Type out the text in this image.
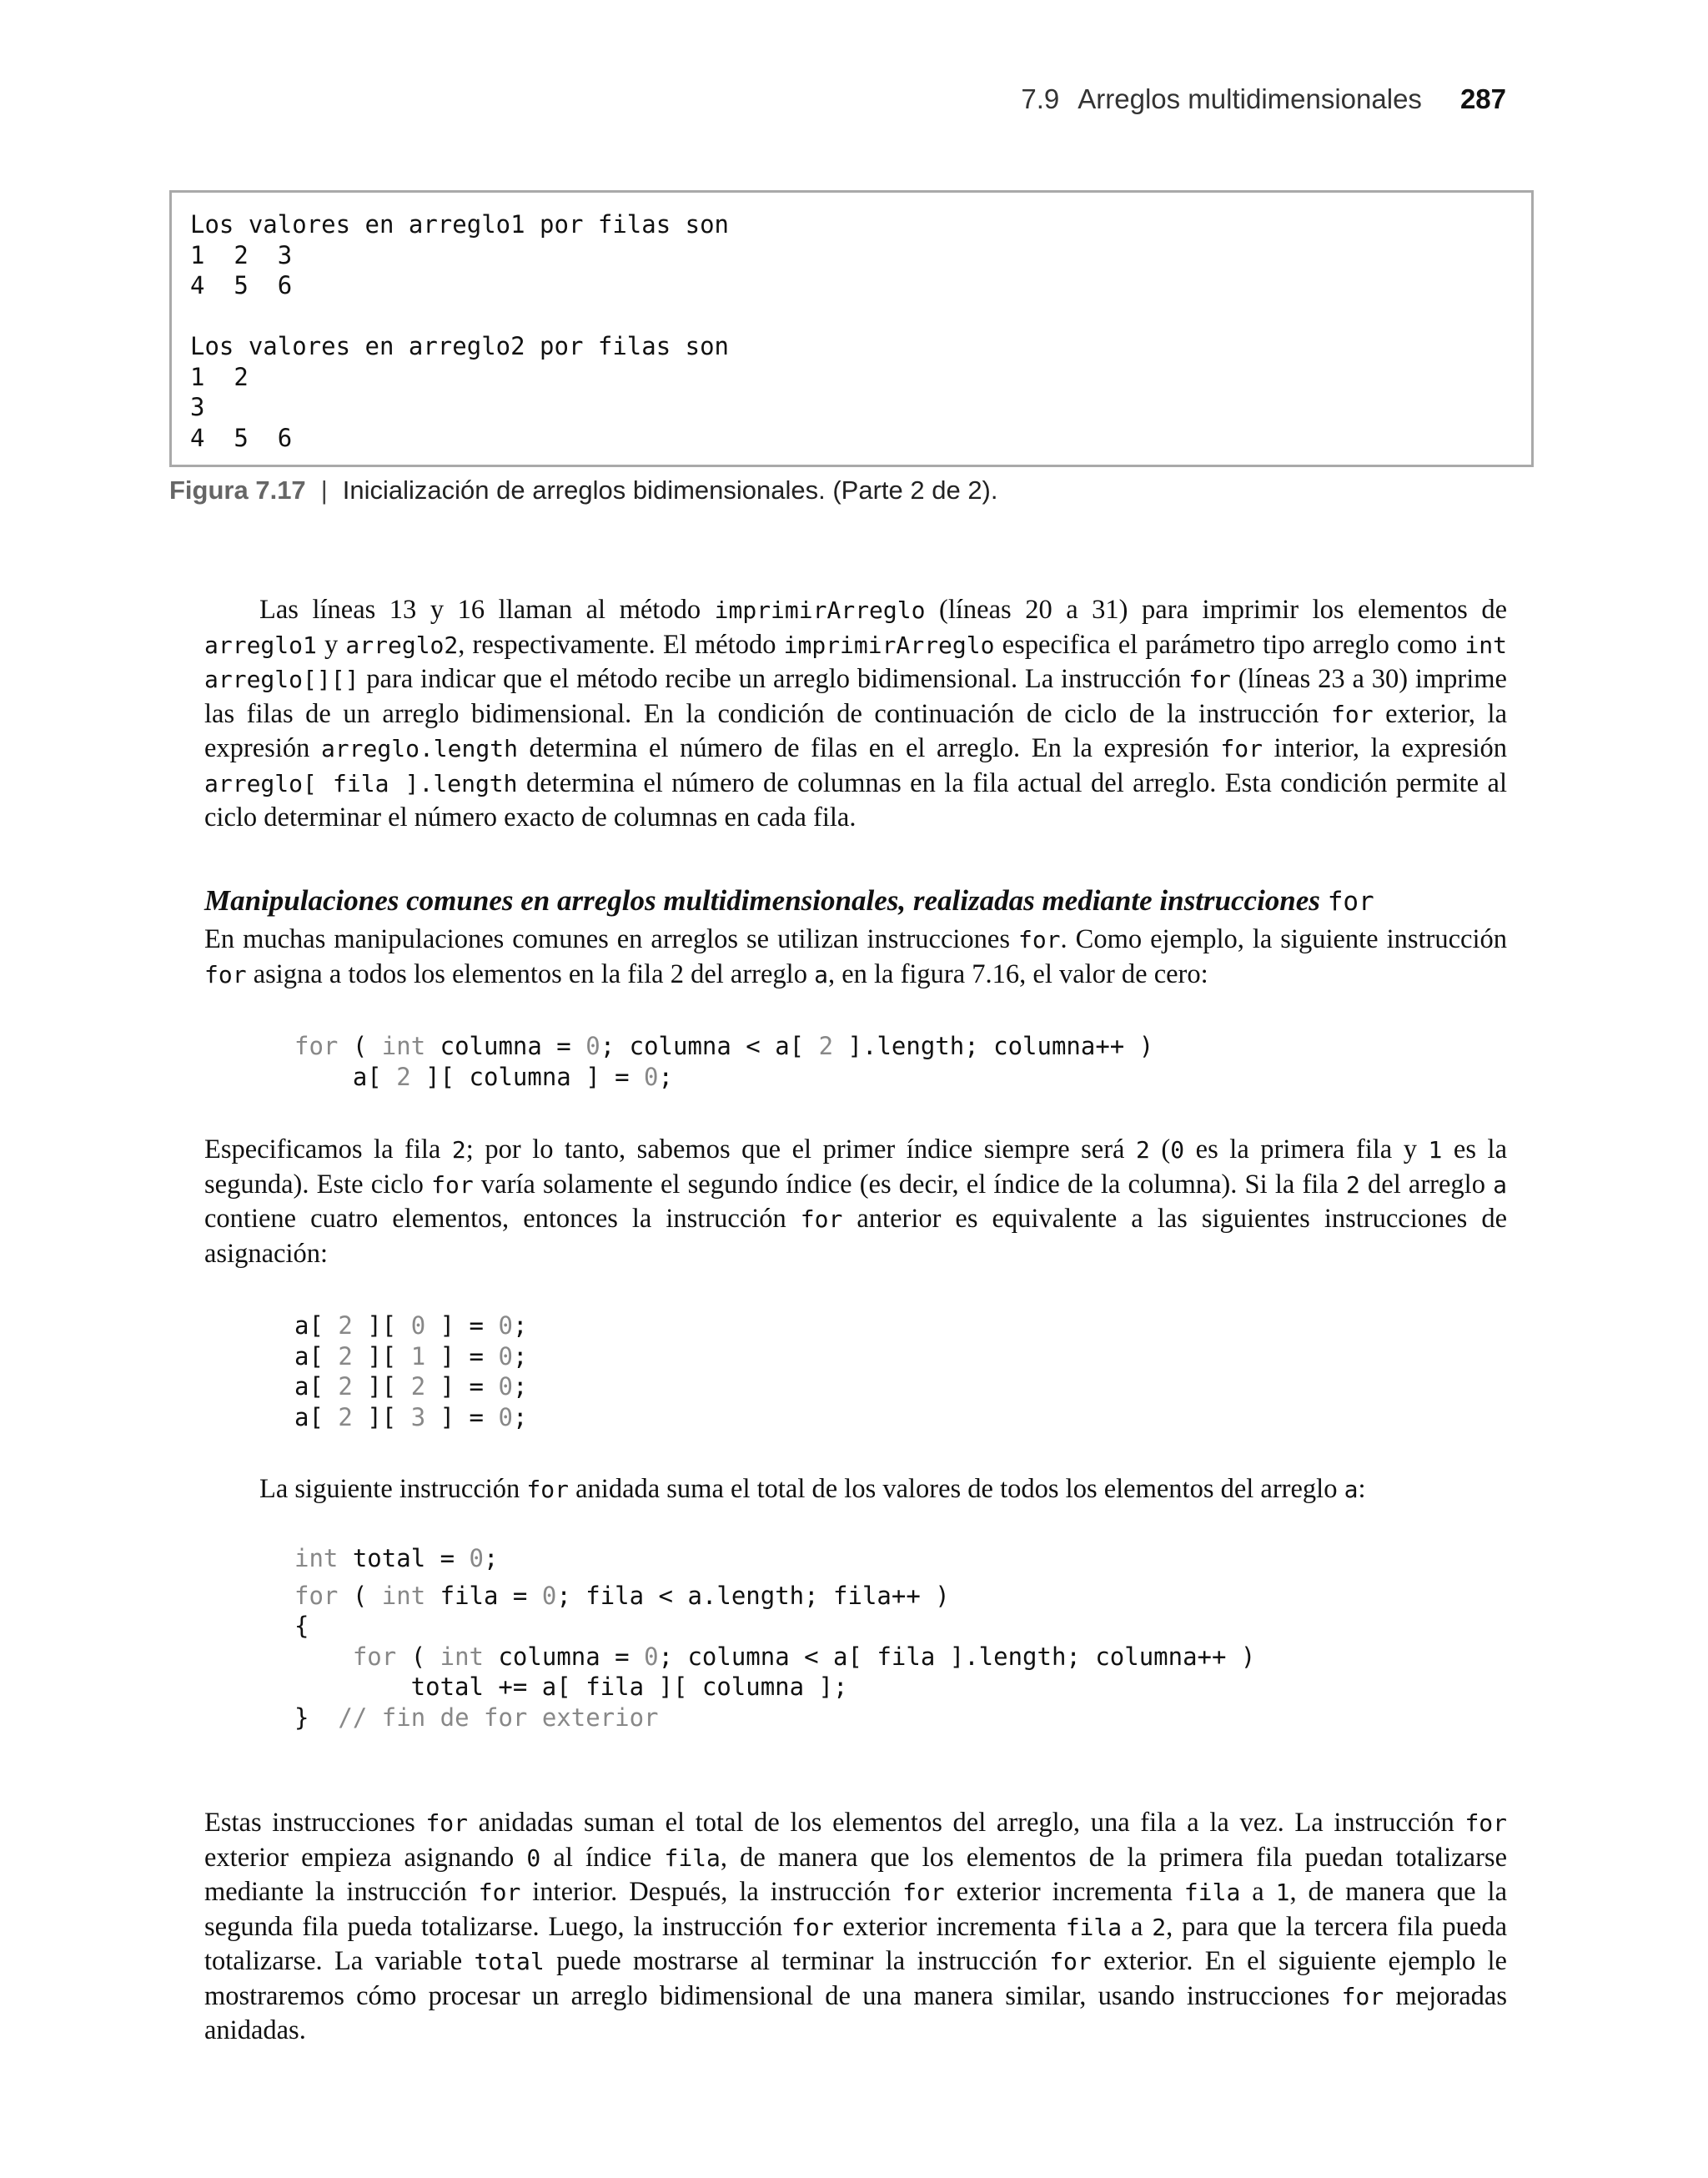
7.9 Arreglos multidimensionales 287
Los valores en arreglo1 por filas son
1  2  3
4  5  6

Los valores en arreglo2 por filas son
1  2
3
4  5  6
Figura 7.17 | Inicialización de arreglos bidimensionales. (Parte 2 de 2).

Las líneas 13 y 16 llaman al método imprimirArreglo (líneas 20 a 31) para imprimir los elementos de arreglo1 y arreglo2, respectivamente. El método imprimirArreglo especifica el parámetro tipo arreglo como int arreglo[][] para indicar que el método recibe un arreglo bidimensional. La instrucción for (líneas 23 a 30) imprime las filas de un arreglo bidimensional. En la condición de continuación de ciclo de la instrucción for exterior, la expresión arreglo.length determina el número de filas en el arreglo. En la expresión for interior, la expresión arreglo[ fila ].length determina el número de columnas en la fila actual del arreglo. Esta condición permite al ciclo determinar el número exacto de columnas en cada fila.

Manipulaciones comunes en arreglos multidimensionales, realizadas mediante instrucciones for

En muchas manipulaciones comunes en arreglos se utilizan instrucciones for. Como ejemplo, la siguiente instrucción for asigna a todos los elementos en la fila 2 del arreglo a, en la figura 7.16, el valor de cero:

for ( int columna = 0; columna < a[ 2 ].length; columna++ )
a[ 2 ][ columna ] = 0;

Especificamos la fila 2; por lo tanto, sabemos que el primer índice siempre será 2 (0 es la primera fila y 1 es la segunda). Este ciclo for varía solamente el segundo índice (es decir, el índice de la columna). Si la fila 2 del arreglo a contiene cuatro elementos, entonces la instrucción for anterior es equivalente a las siguientes instrucciones de asignación:

a[ 2 ][ 0 ] = 0;
a[ 2 ][ 1 ] = 0;
a[ 2 ][ 2 ] = 0;
a[ 2 ][ 3 ] = 0;

La siguiente instrucción for anidada suma el total de los valores de todos los elementos del arreglo a:

int total = 0;

for ( int fila = 0; fila < a.length; fila++ )
{
for ( int columna = 0; columna < a[ fila ].length; columna++ )
total += a[ fila ][ columna ];
}  // fin de for exterior

Estas instrucciones for anidadas suman el total de los elementos del arreglo, una fila a la vez. La instrucción for exterior empieza asignando 0 al índice fila, de manera que los elementos de la primera fila puedan totalizarse mediante la instrucción for interior. Después, la instrucción for exterior incrementa fila a 1, de manera que la segunda fila pueda totalizarse. Luego, la instrucción for exterior incrementa fila a 2, para que la tercera fila pueda totalizarse. La variable total puede mostrarse al terminar la instrucción for exterior. En el siguiente ejemplo le mostraremos cómo procesar un arreglo bidimensional de una manera similar, usando instrucciones for mejoradas anidadas.
